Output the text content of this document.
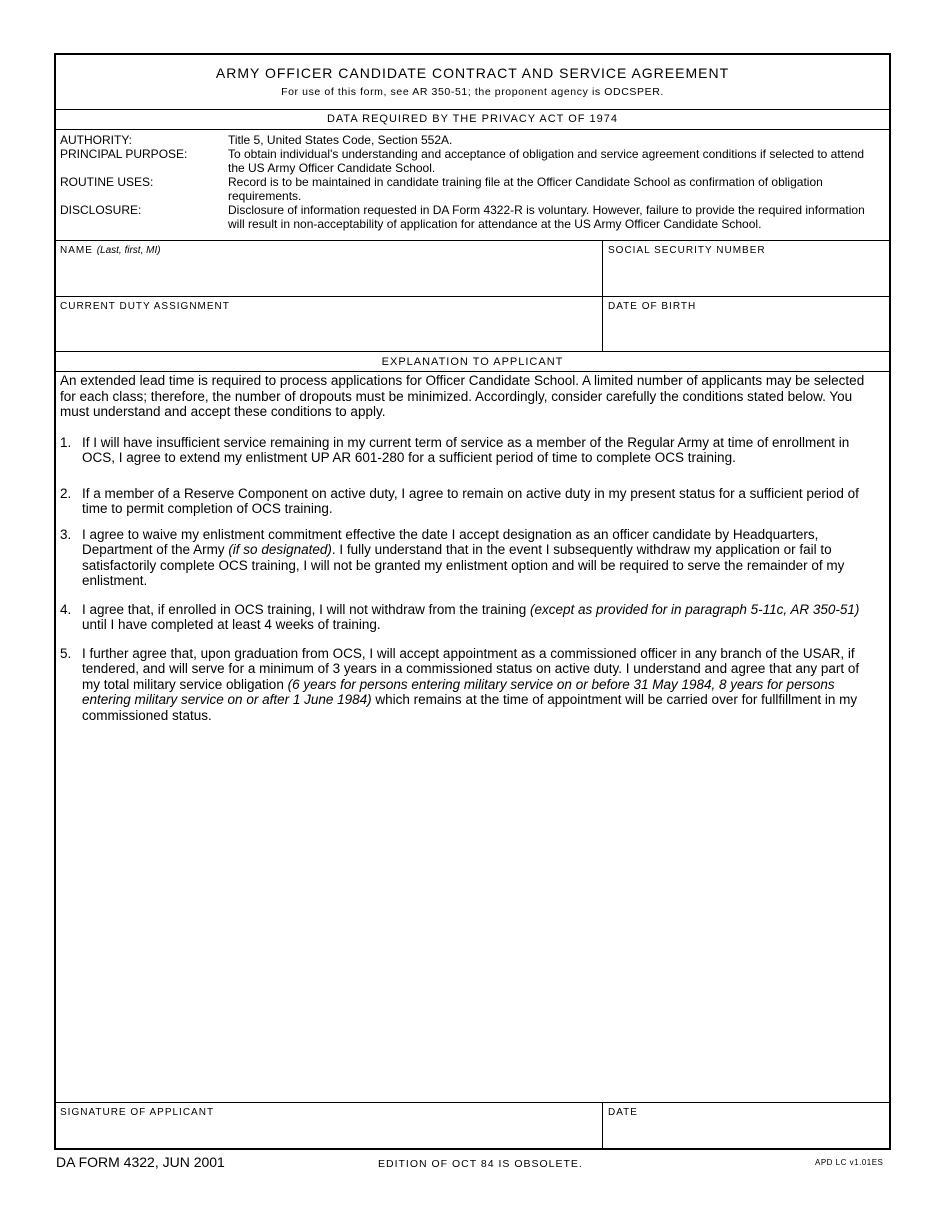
ARMY OFFICER CANDIDATE CONTRACT AND SERVICE AGREEMENT
For use of this form, see AR 350-51; the proponent agency is ODCSPER.
DATA REQUIRED BY THE PRIVACY ACT OF 1974
AUTHORITY:	Title 5, United States Code, Section 552A.
PRINCIPAL PURPOSE:	To obtain individual's understanding and acceptance of obligation and service agreement conditions if selected to attend the US Army Officer Candidate School.
ROUTINE USES:	Record is to be maintained in candidate training file at the Officer Candidate School as confirmation of obligation requirements.
DISCLOSURE:	Disclosure of information requested in DA Form 4322-R is voluntary. However, failure to provide the required information will result in non-acceptability of application for attendance at the US Army Officer Candidate School.
NAME (Last, first, MI)	SOCIAL SECURITY NUMBER
CURRENT DUTY ASSIGNMENT	DATE OF BIRTH
EXPLANATION TO APPLICANT

An extended lead time is required to process applications for Officer Candidate School. A limited number of applicants may be selected for each class; therefore, the number of dropouts must be minimized. Accordingly, consider carefully the conditions stated below. You must understand and accept these conditions to apply.

1. If I will have insufficient service remaining in my current term of service as a member of the Regular Army at time of enrollment in OCS, I agree to extend my enlistment UP AR 601-280 for a sufficient period of time to complete OCS training.
2. If a member of a Reserve Component on active duty, I agree to remain on active duty in my present status for a sufficient period of time to permit completion of OCS training.
3. I agree to waive my enlistment commitment effective the date I accept designation as an officer candidate by Headquarters, Department of the Army (if so designated). I fully understand that in the event I subsequently withdraw my application or fail to satisfactorily complete OCS training, I will not be granted my enlistment option and will be required to serve the remainder of my enlistment.
4. I agree that, if enrolled in OCS training, I will not withdraw from the training (except as provided for in paragraph 5-11c, AR 350-51) until I have completed at least 4 weeks of training.
5. I further agree that, upon graduation from OCS, I will accept appointment as a commissioned officer in any branch of the USAR, if tendered, and will serve for a minimum of 3 years in a commissioned status on active duty. I understand and agree that any part of my total military service obligation (6 years for persons entering military service on or before 31 May 1984, 8 years for persons entering military service on or after 1 June 1984) which remains at the time of appointment will be carried over for fullfillment in my commissioned status.
SIGNATURE OF APPLICANT	DATE
DA FORM 4322, JUN 2001	EDITION OF OCT 84 IS OBSOLETE.	APD LC v1.01ES
